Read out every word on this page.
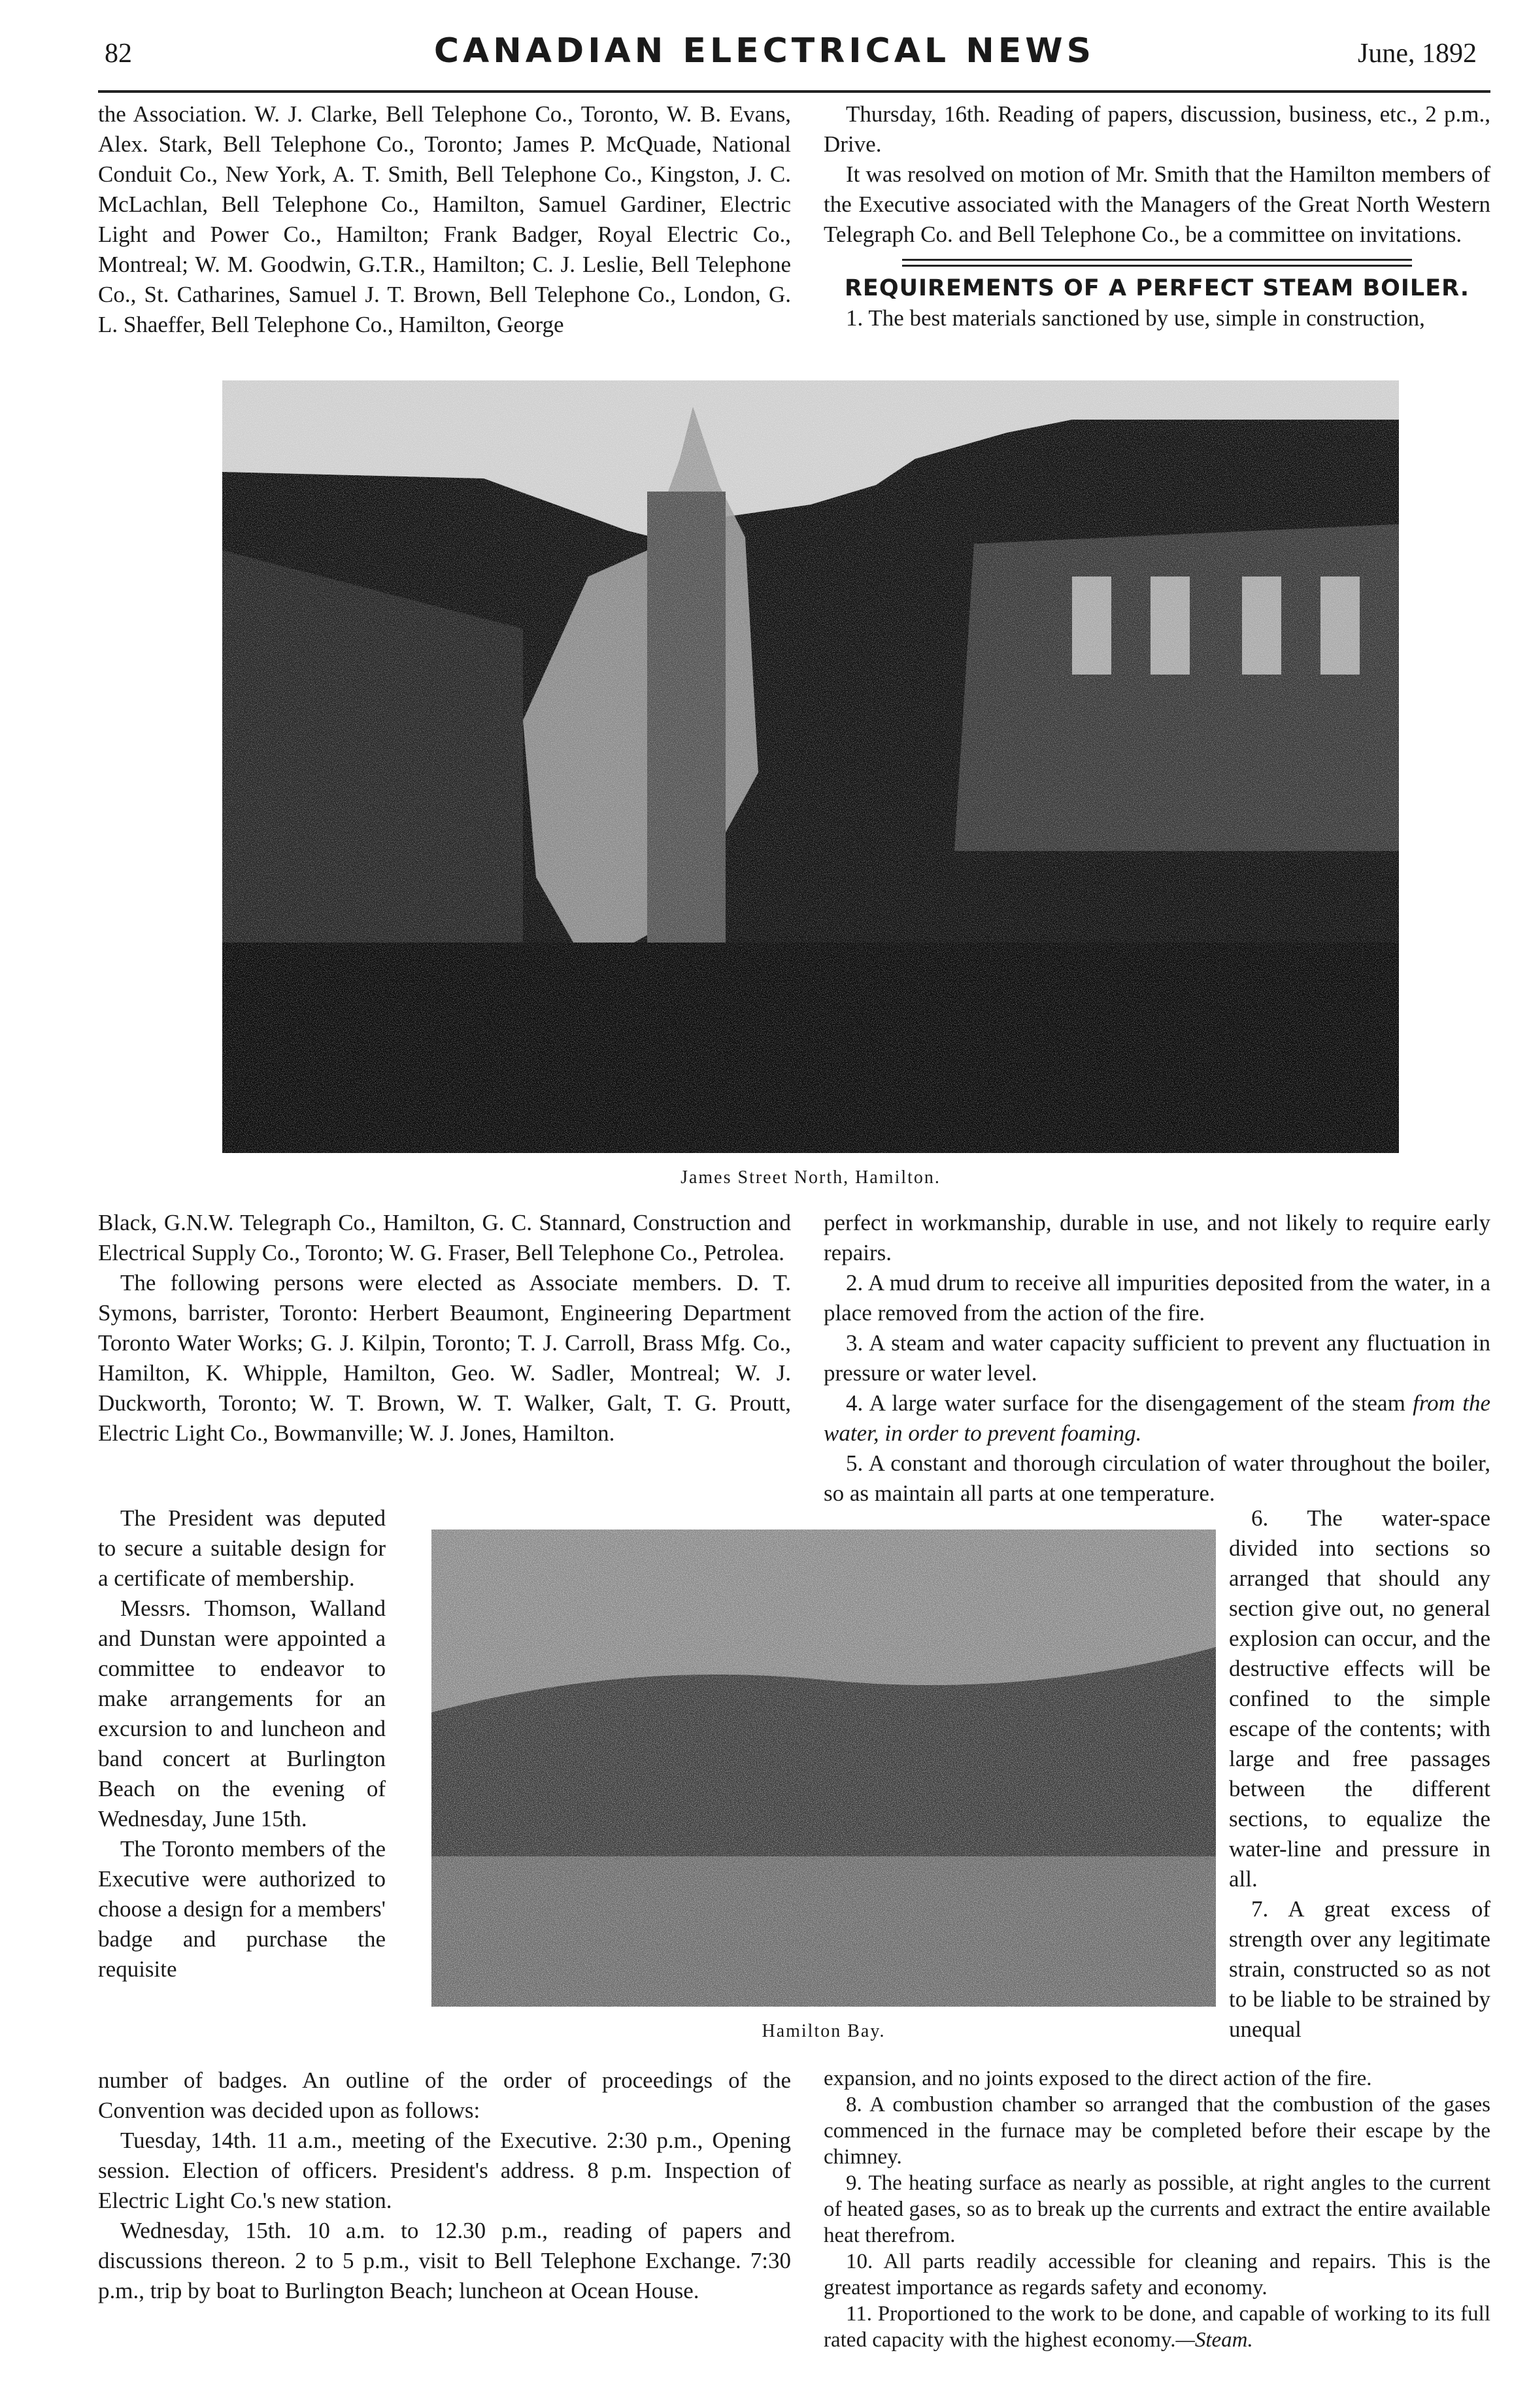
82	CANADIAN ELECTRICAL NEWS	June, 1892

the Association. W. J. Clarke, Bell Telephone Co., Toronto, W. B. Evans, Alex. Stark, Bell Telephone Co., Toronto; James P. McQuade, National Conduit Co., New York, A. T. Smith, Bell Telephone Co., Kingston, J. C. McLachlan, Bell Telephone Co., Hamilton, Samuel Gardiner, Electric Light and Power Co., Hamilton; Frank Badger, Royal Electric Co., Montreal; W. M. Goodwin, G.T.R., Hamilton; C. J. Leslie, Bell Telephone Co., St. Catharines, Samuel J. T. Brown, Bell Telephone Co., London, G. L. Shaeffer, Bell Telephone Co., Hamilton, George

Thursday, 16th. Reading of papers, discussion, business, etc., 2 p.m., Drive.

It was resolved on motion of Mr. Smith that the Hamilton members of the Executive associated with the Managers of the Great North Western Telegraph Co. and Bell Telephone Co., be a committee on invitations.

REQUIREMENTS OF A PERFECT STEAM BOILER.

1. The best materials sanctioned by use, simple in construction,

James Street North, Hamilton.

Black, G.N.W. Telegraph Co., Hamilton, G. C. Stannard, Construction and Electrical Supply Co., Toronto; W. G. Fraser, Bell Telephone Co., Petrolea.

The following persons were elected as Associate members. D. T. Symons, barrister, Toronto: Herbert Beaumont, Engineering Department Toronto Water Works; G. J. Kilpin, Toronto; T. J. Carroll, Brass Mfg. Co., Hamilton, K. Whipple, Hamilton, Geo. W. Sadler, Montreal; W. J. Duckworth, Toronto; W. T. Brown, W. T. Walker, Galt, T. G. Proutt, Electric Light Co., Bowmanville; W. J. Jones, Hamilton.

The President was deputed to secure a suitable design for a certificate of membership.

Messrs. Thomson, Walland and Dunstan were appointed a committee to endeavor to make arrangements for an excursion to and luncheon and band concert at Burlington Beach on the evening of Wednesday, June 15th.

The Toronto members of the Executive were authorized to choose a design for a members' badge and purchase the requisite

perfect in workmanship, durable in use, and not likely to require early repairs.

2. A mud drum to receive all impurities deposited from the water, in a place removed from the action of the fire.

3. A steam and water capacity sufficient to prevent any fluctuation in pressure or water level.

4. A large water surface for the disengagement of the steam from the water, in order to prevent foaming.

5. A constant and thorough circulation of water throughout the boiler, so as maintain all parts at one temperature.

Hamilton Bay.

6. The water-space divided into sections so arranged that should any section give out, no general explosion can occur, and the destructive effects will be confined to the simple escape of the contents; with large and free passages between the different sections, to equalize the water-line and pressure in all.

7. A great excess of strength over any legitimate strain, constructed so as not to be liable to be strained by unequal

number of badges. An outline of the order of proceedings of the Convention was decided upon as follows:

Tuesday, 14th. 11 a.m., meeting of the Executive. 2:30 p.m., Opening session. Election of officers. President's address. 8 p.m. Inspection of Electric Light Co.'s new station.

Wednesday, 15th. 10 a.m. to 12.30 p.m., reading of papers and discussions thereon. 2 to 5 p.m., visit to Bell Telephone Exchange. 7:30 p.m., trip by boat to Burlington Beach; luncheon at Ocean House.

expansion, and no joints exposed to the direct action of the fire.

8. A combustion chamber so arranged that the combustion of the gases commenced in the furnace may be completed before their escape by the chimney.

9. The heating surface as nearly as possible, at right angles to the current of heated gases, so as to break up the currents and extract the entire available heat therefrom.

10. All parts readily accessible for cleaning and repairs. This is the greatest importance as regards safety and economy.

11. Proportioned to the work to be done, and capable of working to its full rated capacity with the highest economy.—Steam.
